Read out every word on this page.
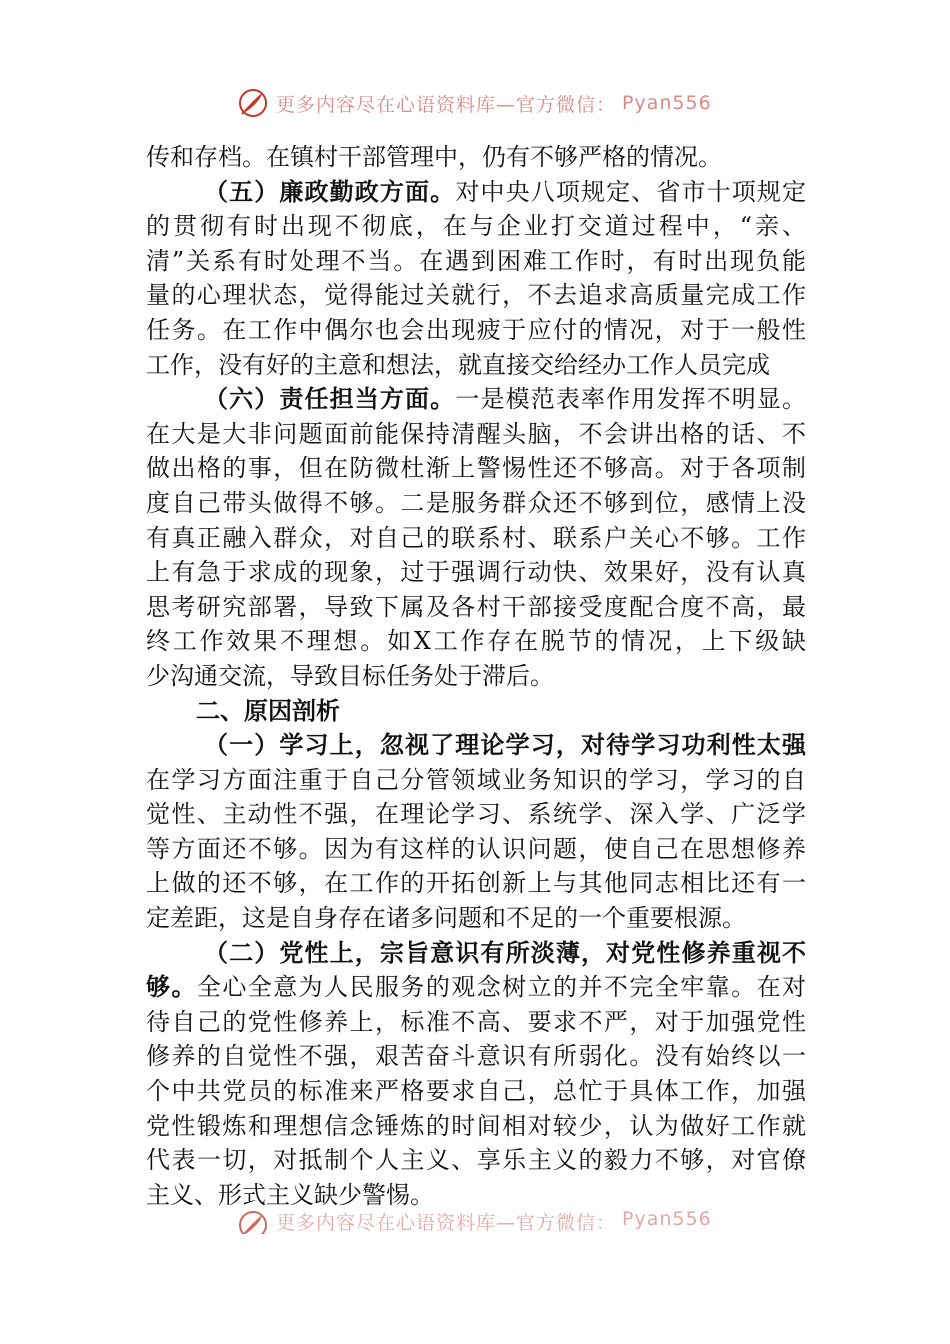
更多内容尽在心语资料库—官方微信： Pyan556
传和存档。在镇村干部管理中，仍有不够严格的情况。
（五）廉政勤政方面。对中央八项规定、省市十项规定
的贯彻有时出现不彻底，在与企业打交道过程中，“亲、
清”关系有时处理不当。在遇到困难工作时，有时出现负能
量的心理状态，觉得能过关就行，不去追求高质量完成工作
任务。在工作中偶尔也会出现疲于应付的情况，对于一般性
工作，没有好的主意和想法，就直接交给经办工作人员完成
（六）责任担当方面。一是模范表率作用发挥不明显。
在大是大非问题面前能保持清醒头脑，不会讲出格的话、不
做出格的事，但在防微杜渐上警惕性还不够高。对于各项制
度自己带头做得不够。二是服务群众还不够到位，感情上没
有真正融入群众，对自己的联系村、联系户关心不够。工作
上有急于求成的现象，过于强调行动快、效果好，没有认真
思考研究部署，导致下属及各村干部接受度配合度不高，最
终工作效果不理想。如X工作存在脱节的情况，上下级缺
少沟通交流，导致目标任务处于滞后。
二、原因剖析
（一）学习上，忽视了理论学习，对待学习功利性太强
在学习方面注重于自己分管领域业务知识的学习，学习的自
觉性、主动性不强，在理论学习、系统学、深入学、广泛学
等方面还不够。因为有这样的认识问题，使自己在思想修养
上做的还不够，在工作的开拓创新上与其他同志相比还有一
定差距，这是自身存在诸多问题和不足的一个重要根源。
（二）党性上，宗旨意识有所淡薄，对党性修养重视不
够。全心全意为人民服务的观念树立的并不完全牢靠。在对
待自己的党性修养上，标准不高、要求不严，对于加强党性
修养的自觉性不强，艰苦奋斗意识有所弱化。没有始终以一
个中共党员的标准来严格要求自己，总忙于具体工作，加强
党性锻炼和理想信念锤炼的时间相对较少，认为做好工作就
代表一切，对抵制个人主义、享乐主义的毅力不够，对官僚
主义、形式主义缺少警惕。
更多内容尽在心语资料库—官方微信： Pyan556
